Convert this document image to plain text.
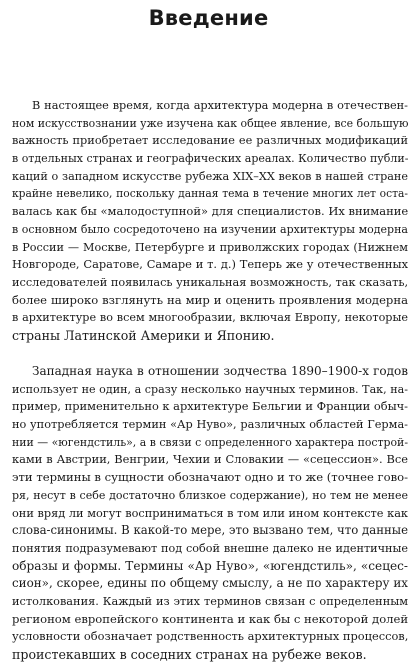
Введение
В настоящее время, когда архитектура модерна в отечествен-
ном искусствознании уже изучена как общее явление, все большую
важность приобретает исследование ее различных модификаций
в отдельных странах и географических ареалах. Количество публи-
каций о западном искусстве рубежа XIX–XX веков в нашей стране
крайне невелико, поскольку данная тема в течение многих лет оста-
валась как бы «малодоступной» для специалистов. Их внимание
в основном было сосредоточено на изучении архитектуры модерна
в России — Москве, Петербурге и приволжских городах (Нижнем
Новгороде, Саратове, Самаре и т. д.) Теперь же у отечественных
исследователей появилась уникальная возможность, так сказать,
более широко взглянуть на мир и оценить проявления модерна
в архитектуре во всем многообразии, включая Европу, некоторые
страны Латинской Америки и Японию.
Западная наука в отношении зодчества 1890–1900-х годов
использует не один, а сразу несколько научных терминов. Так, на-
пример, применительно к архитектуре Бельгии и Франции обыч-
но употребляется термин «Ар Нуво», различных областей Герма-
нии — «югендстиль», а в связи с определенного характера построй-
ками в Австрии, Венгрии, Чехии и Словакии — «сецессион». Все
эти термины в сущности обозначают одно и то же (точнее гово-
ря, несут в себе достаточно близкое содержание), но тем не менее
они вряд ли могут восприниматься в том или ином контексте как
слова-синонимы. В какой-то мере, это вызвано тем, что данные
понятия подразумевают под собой внешне далеко не идентичные
образы и формы. Термины «Ар Нуво», «югендстиль», «сецес-
сион», скорее, едины по общему смыслу, а не по характеру их
истолкования. Каждый из этих терминов связан с определенным
регионом европейского континента и как бы с некоторой долей
условности обозначает родственность архитектурных процессов,
проистекавших в соседних странах на рубеже веков.
